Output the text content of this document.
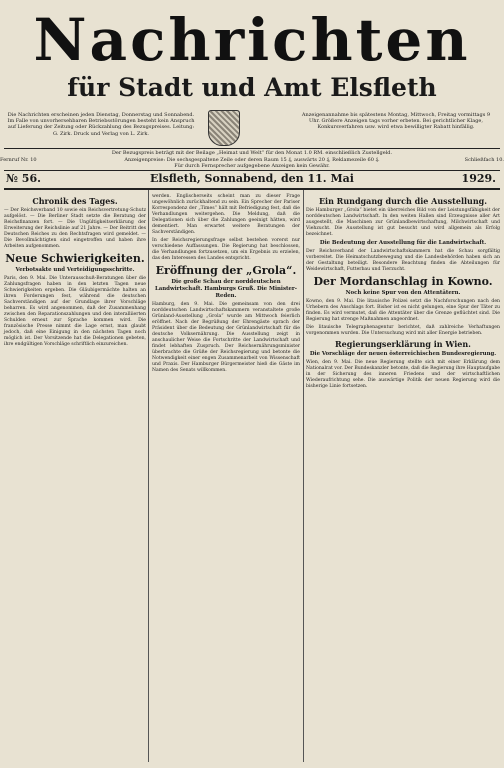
Nachrichten
für Stadt und Amt Elsfleth
Die Nachrichten erscheinen jeden Dienstag, Donnerstag und Sonnabend. Im Falle von unvorhersehbaren Betriebsstörungen besteht kein Anspruch auf Lieferung der Zeitung oder Rückzahlung des Bezugspreises. Leitung: G. Zirk. Druck und Verlag von L. Zirk.
Anzeigenannahme bis spätestens Montag, Mittwoch, Freitag vormittags 9 Uhr. Größere Anzeigen tags vorher erbeten. Bei gerichtlicher Klage, Konkursverfahren usw. wird etwa bewilligter Rabatt hinfällig.
Der Bezugspreis beträgt mit der Beilage „Heimat und Welt“ für den Monat 1.0 RM. einschließlich Zustellgeld.
Fernruf Nr. 10	Anzeigenpreise: Die sechsgespaltene Zeile oder deren Raum 15 ₰, auswärts 20 ₰, Reklamezeile 60 ₰.	Schließfach 10.
Für durch Fernsprecher aufgegebene Anzeigen kein Gewähr.
№ 56.	Elsfleth, Sonnabend, den 11. Mai	1929.
Chronik des Tages.

— Der Reichsverband 10 sowie ein Reichsvertretung-Schutz aufgelöst. — Die Berliner Stadt setzte die Beratung der Reichsfinanzen fort. — Die Ungültigkeitserklärung der Erweiterung der Reichslinie auf 21 Jahre. — Der Beitritt des Deutschen Reiches zu den Rechtsfragen wird gemeldet. — Die Bevollmächtigten sind eingetroffen und haben ihre Arbeiten aufgenommen.

Neue Schwierigkeiten.
Verbotsakte und Verteidigungsschritte.

Paris, den 9. Mai. Die Unterausschuß-Beratungen über die Zahlungsfragen haben in den letzten Tagen neue Schwierigkeiten ergeben. Die Gläubigermächte halten an ihren Forderungen fest, während die deutschen Sachverständigen auf der Grundlage ihrer Vorschläge beharren. Es wird angenommen, daß der Zusammenhang zwischen den Reparationszahlungen und den interalliierten Schulden erneut zur Sprache kommen wird. Die französische Presse nimmt die Lage ernst, man glaubt jedoch, daß eine Einigung in den nächsten Tagen noch möglich ist. Der Vorsitzende hat die Delegationen gebeten, ihre endgültigen Vorschläge schriftlich einzureichen.

werden. Englischerseits scheint man zu dieser Frage ungewöhnlich zurückhaltend zu sein. Ein Sprecher der Pariser Korrespondenz der „Times“ hält mit Befriedigung fest, daß die Verhandlungen weitergehen. Die Meldung, daß die Delegationen sich über die Zahlungen geeinigt hätten, wird dementiert. Man erwartet weitere Beratungen der Sachverständigen.

In der Reichsregierungsfrage selbst bestehen vorerst nur verschiedene Auffassungen. Die Regierung hat beschlossen, die Verhandlungen fortzusetzen, um ein Ergebnis zu erzielen, das den Interessen des Landes entspricht.

Eröffnung der „Grola“.
Die große Schau der norddeutschen Landwirtschaft. Hamburgs Gruß. Die Minister-Reden.

Hamburg, den 9. Mai. Die gemeinsam von den drei norddeutschen Landwirtschaftskammern veranstaltete große Grünland-Ausstellung „Grola“ wurde am Mittwoch feierlich eröffnet. Nach der Begrüßung der Ehrengäste sprach der Präsident über die Bedeutung der Grünlandwirtschaft für die deutsche Volksernährung. Die Ausstellung zeigt in anschaulicher Weise die Fortschritte der Landwirtschaft und findet lebhaften Zuspruch. Der Reichsernährungsminister überbrachte die Grüße der Reichsregierung und betonte die Notwendigkeit einer engen Zusammenarbeit von Wissenschaft und Praxis. Der Hamburger Bürgermeister hieß die Gäste im Namen des Senats willkommen.

Ein Rundgang durch die Ausstellung.

Die Hamburger „Grola“ bietet ein überreiches Bild von der Leistungsfähigkeit der norddeutschen Landwirtschaft. In den weiten Hallen sind Erzeugnisse aller Art ausgestellt, die Maschinen zur Grünlandbewirtschaftung, Milchwirtschaft und Viehzucht. Die Ausstellung ist gut besucht und wird allgemein als Erfolg bezeichnet.

Die Bedeutung der Ausstellung für die Landwirtschaft.

Der Reichsverband der Landwirtschaftskammern hat die Schau sorgfältig vorbereitet. Die Heimatschutzbewegung und die Landesbehörden haben sich an der Gestaltung beteiligt. Besondere Beachtung finden die Abteilungen für Weidewirtschaft, Futterbau und Tierzucht.

Der Mordanschlag in Kowno.
Noch keine Spur von den Attentätern.

Kowno, den 9. Mai. Die litauische Polizei setzt die Nachforschungen nach den Urhebern des Anschlags fort. Bisher ist es nicht gelungen, eine Spur der Täter zu finden. Es wird vermutet, daß die Attentäter über die Grenze geflüchtet sind. Die Regierung hat strenge Maßnahmen angeordnet.

Die litauische Telegraphenagentur berichtet, daß zahlreiche Verhaftungen vorgenommen wurden. Die Untersuchung wird mit aller Energie betrieben.

Regierungserklärung in Wien.
Die Vorschläge der neuen österreichischen Bundesregierung.

Wien, den 9. Mai. Die neue Regierung stellte sich mit einer Erklärung dem Nationalrat vor. Der Bundeskanzler betonte, daß die Regierung ihre Hauptaufgabe in der Sicherung des inneren Friedens und der wirtschaftlichen Wiederaufrichtung sehe. Die auswärtige Politik der neuen Regierung wird die bisherige Linie fortsetzen.
